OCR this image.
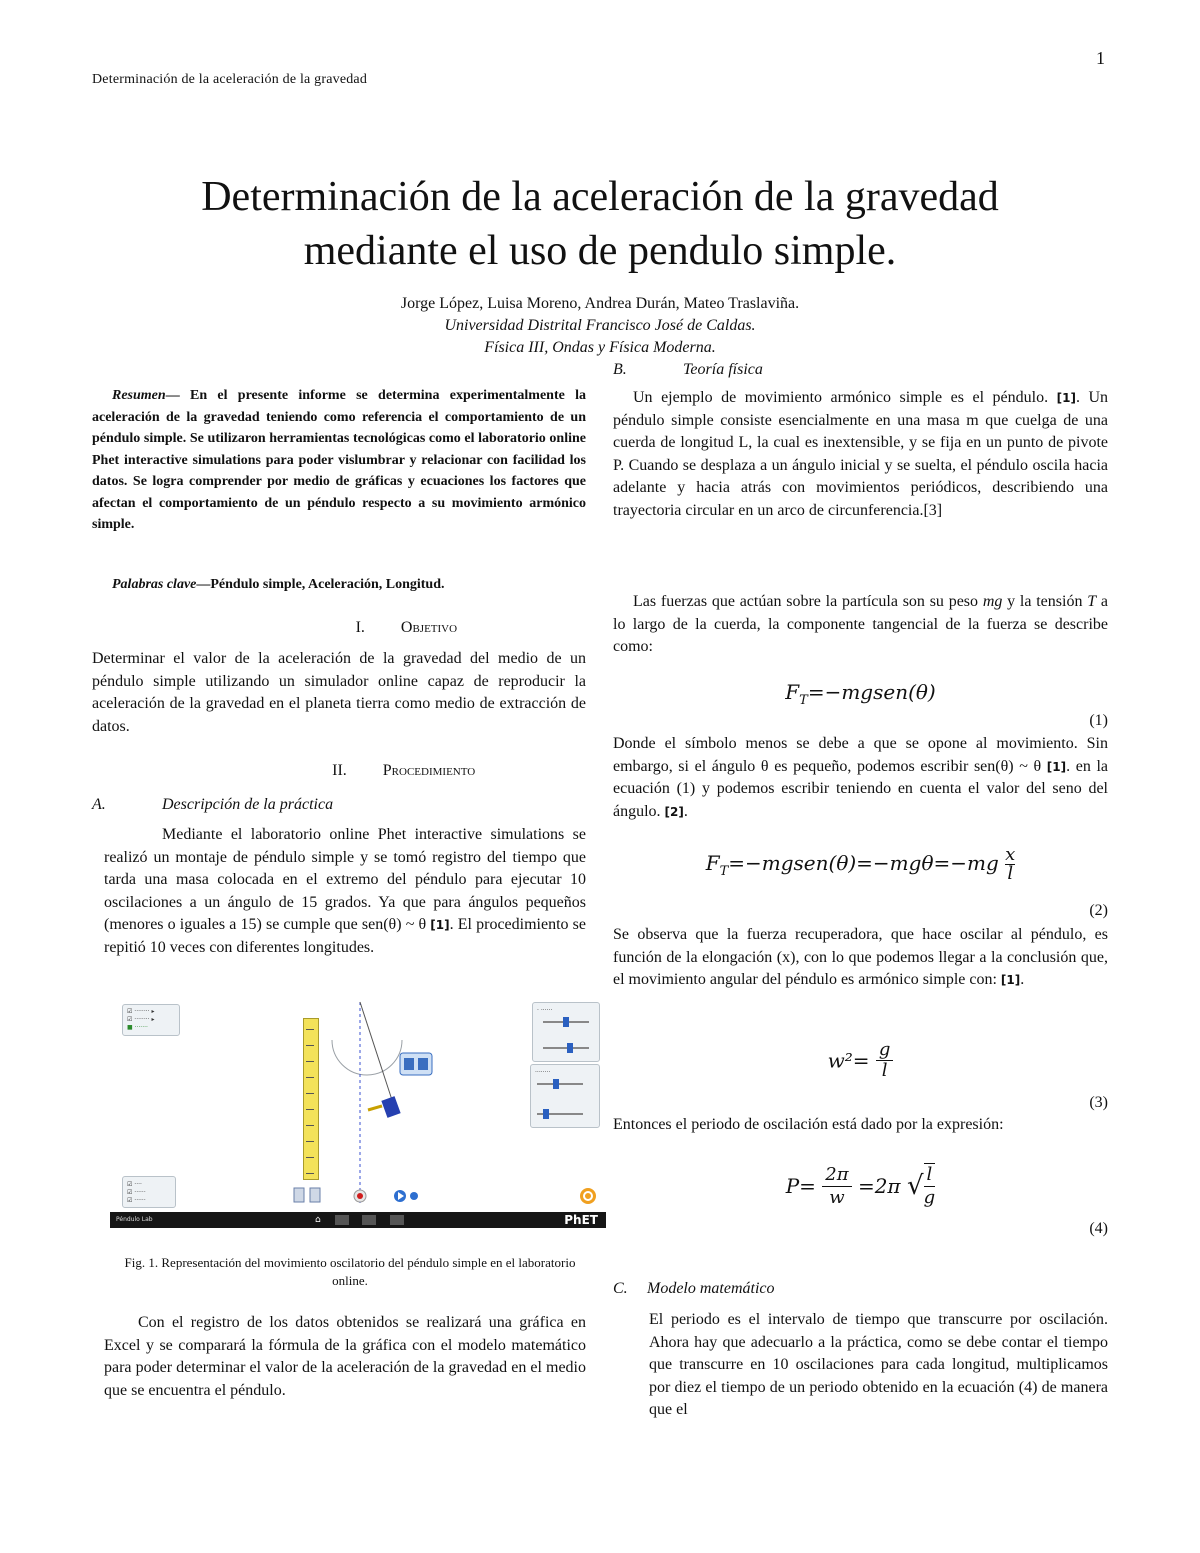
Determinación de la aceleración de la gravedad
1
Determinación de la aceleración de la gravedad
mediante el uso de pendulo simple.
Jorge López, Luisa Moreno, Andrea Durán, Mateo Traslaviña.
Universidad Distrital Francisco José de Caldas.
Física III, Ondas y Física Moderna.

Resumen— En el presente informe se determina experimentalmente la aceleración de la gravedad teniendo como referencia el comportamiento de un péndulo simple. Se utilizaron herramientas tecnológicas como el laboratorio online Phet interactive simulations para poder vislumbrar y relacionar con facilidad los datos. Se logra comprender por medio de gráficas y ecuaciones los factores que afectan el comportamiento de un péndulo respecto a su movimiento armónico simple.

Palabras clave—Péndulo simple, Aceleración, Longitud.

I. Objetivo

Determinar el valor de la aceleración de la gravedad del medio de un péndulo simple utilizando un simulador online capaz de reproducir la aceleración de la gravedad en el planeta tierra como medio de extracción de datos.

II. Procedimiento
A.	Descripción de la práctica

Mediante el laboratorio online Phet interactive simulations se realizó un montaje de péndulo simple y se tomó registro del tiempo que tarda una masa colocada en el extremo del péndulo para ejecutar 10 oscilaciones a un ángulo de 15 grados. Ya que para ángulos pequeños (menores o iguales a 15) se cumple que sen(θ) ~ θ [1]. El procedimiento se repitió 10 veces con diferentes longitudes.

☑ ········ ▸
☑ ········ ▸
■ ·······
· ······
········
☑ ····
☑ ······
☑ ······
Péndulo Lab	⌂	PhET

Fig. 1. Representación del movimiento oscilatorio del péndulo simple en el laboratorio online.

Con el registro de los datos obtenidos se realizará una gráfica en Excel y se comparará la fórmula de la gráfica con el modelo matemático para poder determinar el valor de la aceleración de la gravedad en el medio que se encuentra el péndulo.

B.	Teoría física

Un ejemplo de movimiento armónico simple es el péndulo. [1]. Un péndulo simple consiste esencialmente en una masa m que cuelga de una cuerda de longitud L, la cual es inextensible, y se fija en un punto de pivote P. Cuando se desplaza a un ángulo inicial y se suelta, el péndulo oscila hacia adelante y hacia atrás con movimientos periódicos, describiendo una trayectoria circular en un arco de circunferencia.[3]

Las fuerzas que actúan sobre la partícula son su peso mg y la tensión T a lo largo de la cuerda, la componente tangencial de la fuerza se describe como:

$F_T=-mgsen(\theta)$
(1)

Donde el símbolo menos se debe a que se opone al movimiento. Sin embargo, si el ángulo θ es pequeño, podemos escribir sen(θ) ~ θ [1]. en la ecuación (1) y podemos escribir teniendo en cuenta el valor del seno del ángulo. [2].

$F_T=-mgsen(\theta)=-mg\theta=-mg \frac{x}{l}$
(2)

Se observa que la fuerza recuperadora, que hace oscilar al péndulo, es función de la elongación (x), con lo que podemos llegar a la conclusión que, el movimiento angular del péndulo es armónico simple con: [1].

$w^2= \frac{g}{l}$
(3)

Entonces el periodo de oscilación está dado por la expresión:

$P= \frac{2\pi}{w} =2\pi$ √ $\frac{l}{g}$
(4)
C. Modelo matemático

El periodo es el intervalo de tiempo que transcurre por oscilación. Ahora hay que adecuarlo a la práctica, como se debe contar el tiempo que transcurre en 10 oscilaciones para cada longitud, multiplicamos por diez el tiempo de un periodo obtenido en la ecuación (4) de manera que el
